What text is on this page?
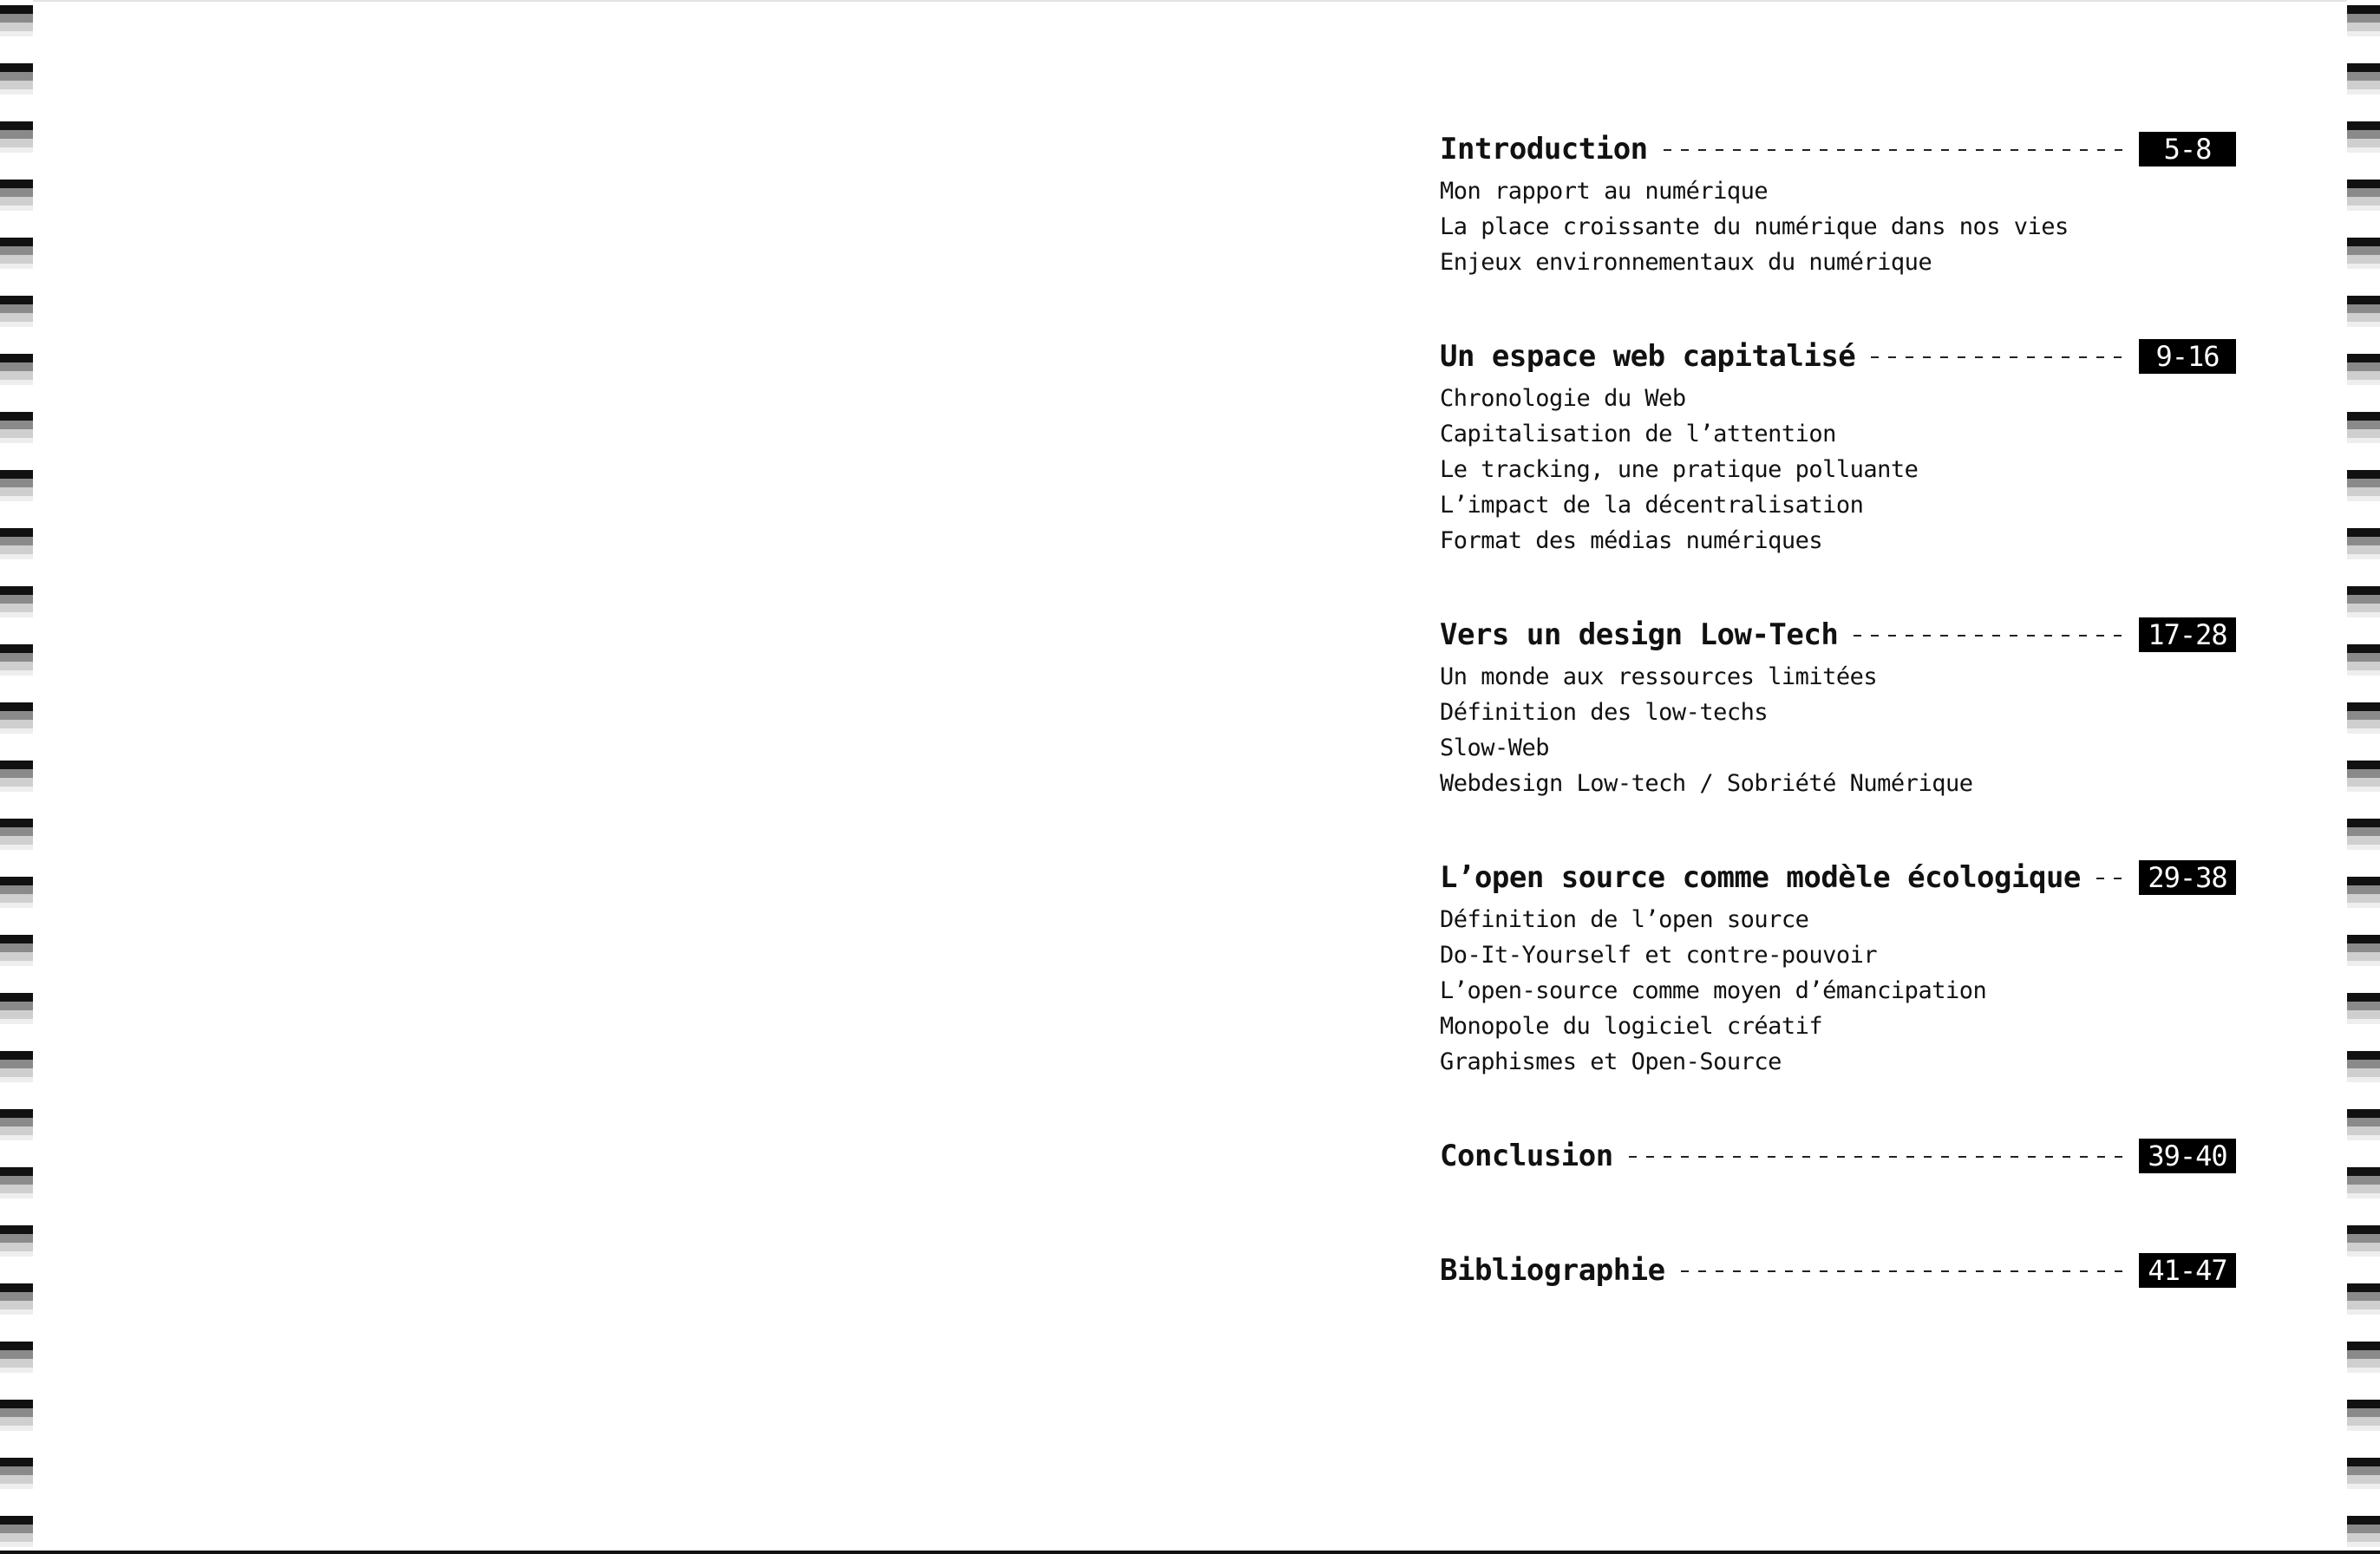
Introduction	5-8
Mon rapport au numérique
La place croissante du numérique dans nos vies
Enjeux environnementaux du numérique
Un espace web capitalisé	9-16
Chronologie du Web
Capitalisation de l’attention
Le tracking, une pratique polluante
L’impact de la décentralisation
Format des médias numériques
Vers un design Low-Tech	17-28
Un monde aux ressources limitées
Définition des low-techs
Slow-Web
Webdesign Low-tech / Sobriété Numérique
L’open source comme modèle écologique	29-38
Définition de l’open source
Do-It-Yourself et contre-pouvoir
L’open-source comme moyen d’émancipation
Monopole du logiciel créatif
Graphismes et Open-Source
Conclusion	39-40
Bibliographie	41-47
